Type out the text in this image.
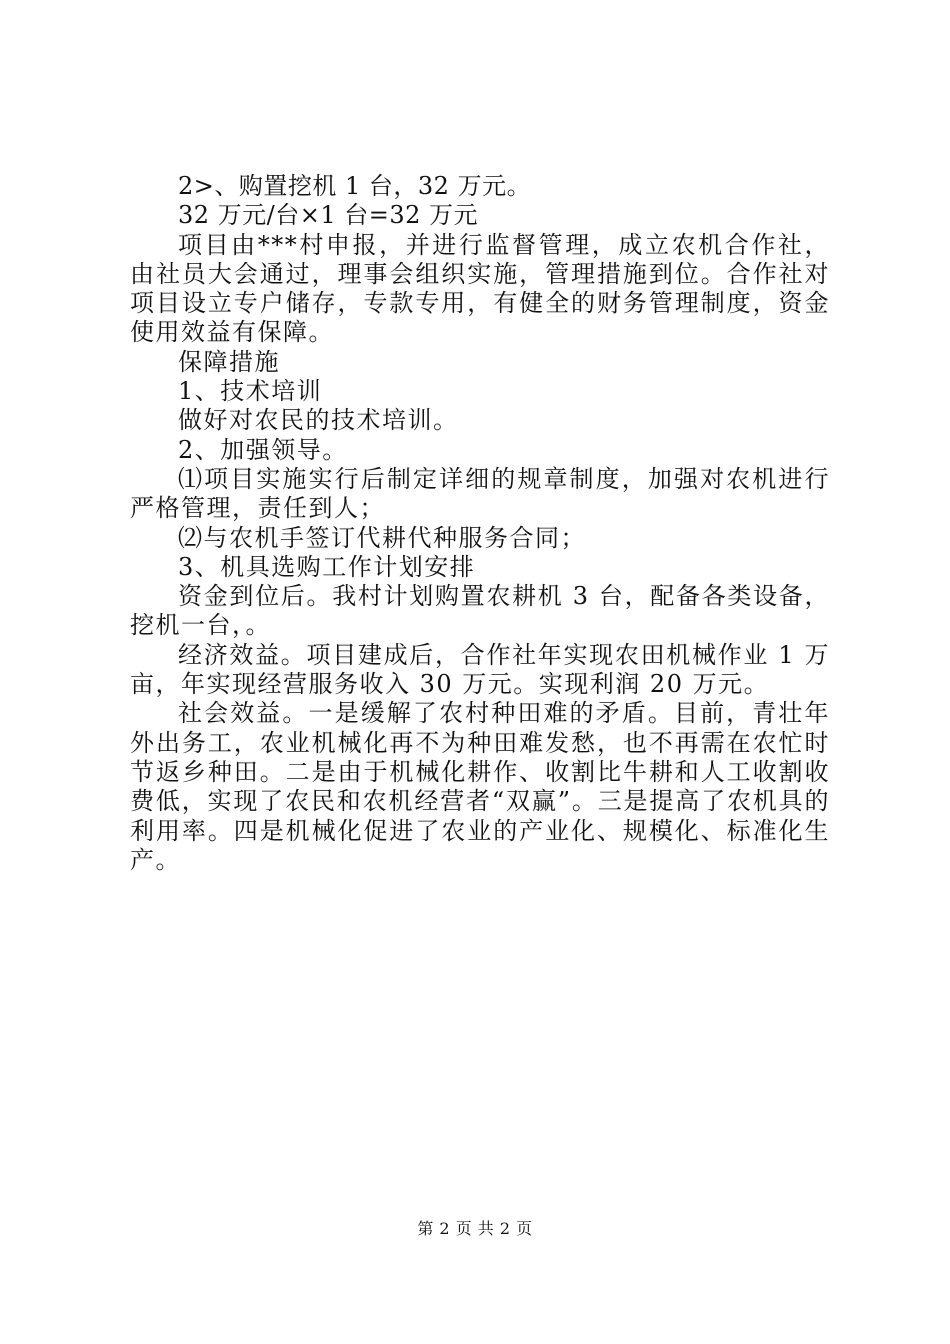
2>、购置挖机 1 台，32 万元。

32 万元/台×1 台=32 万元

项目由***村申报，并进行监督管理，成立农机合作社，由社员大会通过，理事会组织实施，管理措施到位。合作社对项目设立专户储存，专款专用，有健全的财务管理制度，资金使用效益有保障。

保障措施

1、技术培训

做好对农民的技术培训。

2、加强领导。

⑴项目实施实行后制定详细的规章制度，加强对农机进行严格管理，责任到人；

⑵与农机手签订代耕代种服务合同；

3、机具选购工作计划安排

资金到位后。我村计划购置农耕机 3 台，配备各类设备，挖机一台，。

经济效益。项目建成后，合作社年实现农田机械作业 1 万亩，年实现经营服务收入 30 万元。实现利润 20 万元。

社会效益。一是缓解了农村种田难的矛盾。目前，青壮年外出务工，农业机械化再不为种田难发愁，也不再需在农忙时节返乡种田。二是由于机械化耕作、收割比牛耕和人工收割收费低，实现了农民和农机经营者“双赢”。三是提高了农机具的利用率。四是机械化促进了农业的产业化、规模化、标准化生产。

第 2 页 共 2 页
